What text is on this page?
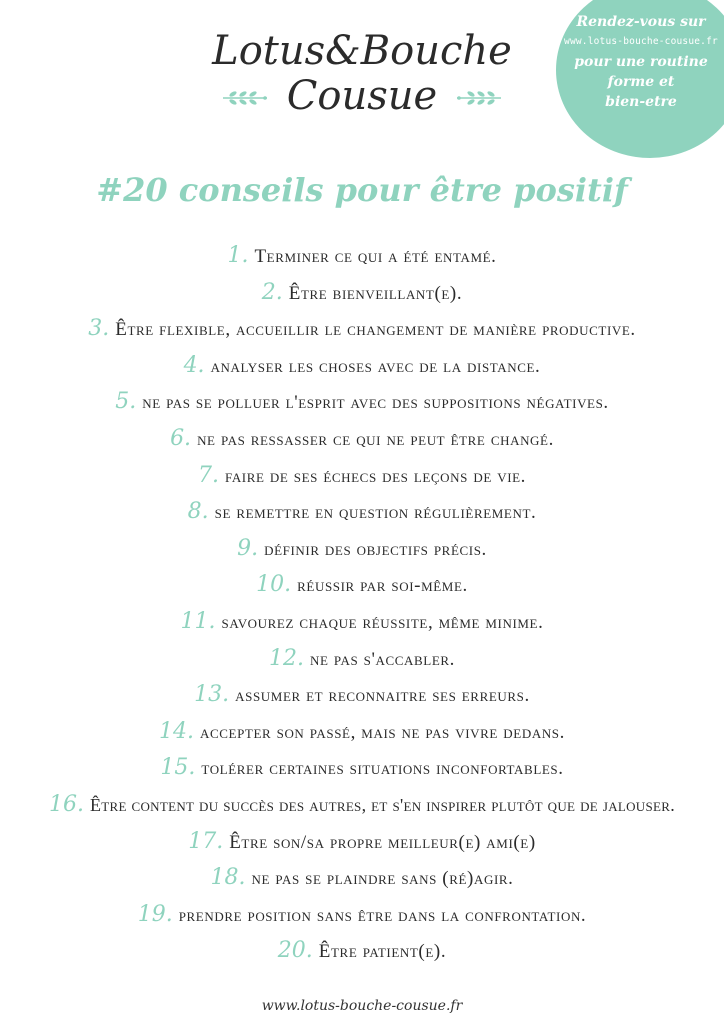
Lotus&Bouche
Cousue
Rendez-vous sur
www.lotus-bouche-cousue.fr
pour une routine
forme et
bien-etre
#20 conseils pour être positif
1. Terminer ce qui a été entamé.
2. Être bienveillant(e).
3. Être flexible, accueillir le changement de manière productive.
4. analyser les choses avec de la distance.
5. ne pas se polluer l'esprit avec des suppositions négatives.
6. ne pas ressasser ce qui ne peut être changé.
7. faire de ses échecs des leçons de vie.
8. se remettre en question régulièrement.
9. définir des objectifs précis.
10. réussir par soi-même.
11. savourez chaque réussite, même minime.
12. ne pas s'accabler.
13. assumer et reconnaitre ses erreurs.
14. accepter son passé, mais ne pas vivre dedans.
15. tolérer certaines situations inconfortables.
16. Être content du succès des autres, et s'en inspirer plutôt que de jalouser.
17. Être son/sa propre meilleur(e) ami(e)
18. ne pas se plaindre sans (ré)agir.
19. prendre position sans être dans la confrontation.
20. Être patient(e).
www.lotus-bouche-cousue.fr
